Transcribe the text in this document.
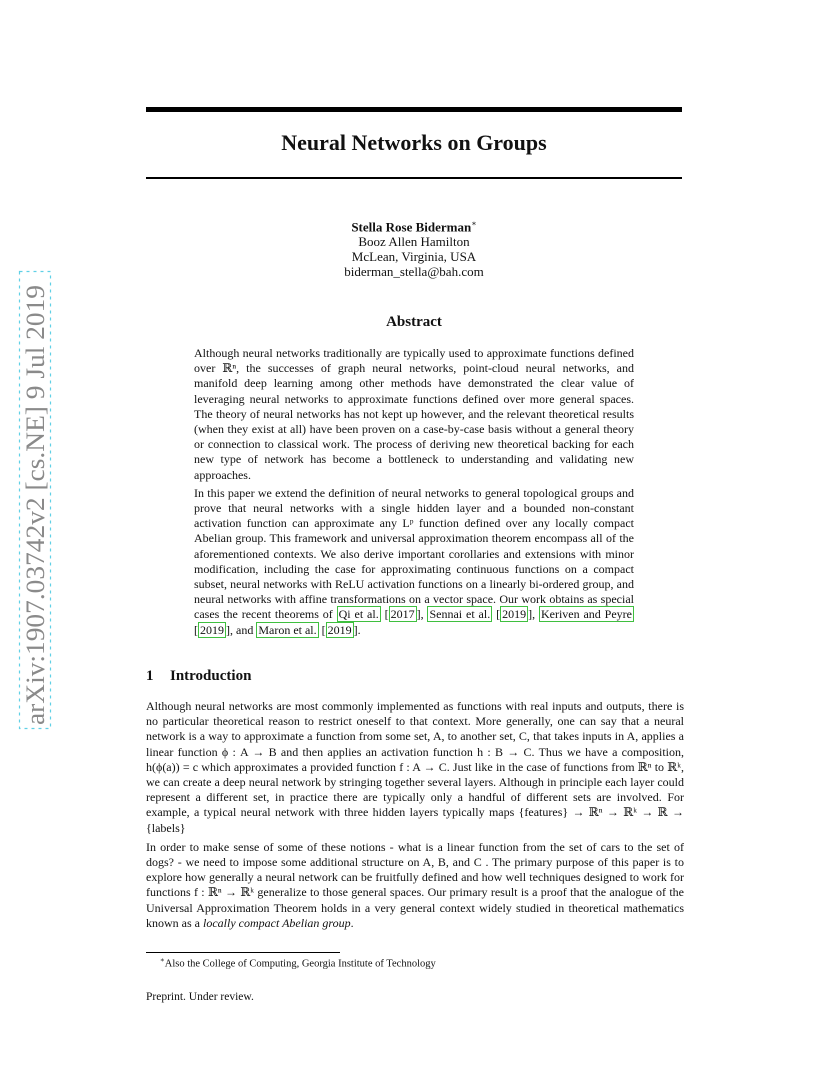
arXiv:1907.03742v2 [cs.NE] 9 Jul 2019
Neural Networks on Groups
Stella Rose Biderman∗
Booz Allen Hamilton
McLean, Virginia, USA
biderman_stella@bah.com
Abstract

Although neural networks traditionally are typically used to approximate functions defined over ℝⁿ, the successes of graph neural networks, point-cloud neural networks, and manifold deep learning among other methods have demonstrated the clear value of leveraging neural networks to approximate functions defined over more general spaces. The theory of neural networks has not kept up however, and the relevant theoretical results (when they exist at all) have been proven on a case-by-case basis without a general theory or connection to classical work. The process of deriving new theoretical backing for each new type of network has become a bottleneck to understanding and validating new approaches.

In this paper we extend the definition of neural networks to general topological groups and prove that neural networks with a single hidden layer and a bounded non-constant activation function can approximate any Lᵖ function defined over any locally compact Abelian group. This framework and universal approximation theorem encompass all of the aforementioned contexts. We also derive important corollaries and extensions with minor modification, including the case for approximating continuous functions on a compact subset, neural networks with ReLU activation functions on a linearly bi-ordered group, and neural networks with affine transformations on a vector space. Our work obtains as special cases the recent theorems of Qi et al. [ 2017 ], Sennai et al. [ 2019 ], Keriven and Peyre [ 2019 ], and Maron et al. [ 2019 ].

1 Introduction

Although neural networks are most commonly implemented as functions with real inputs and outputs, there is no particular theoretical reason to restrict oneself to that context. More generally, one can say that a neural network is a way to approximate a function from some set, A, to another set, C, that takes inputs in A, applies a linear function ϕ : A → B and then applies an activation function h : B → C. Thus we have a composition, h(ϕ(a)) = c which approximates a provided function f : A → C. Just like in the case of functions from ℝⁿ to ℝᵏ, we can create a deep neural network by stringing together several layers. Although in principle each layer could represent a different set, in practice there are typically only a handful of different sets are involved. For example, a typical neural network with three hidden layers typically maps {features} → ℝⁿ → ℝᵏ → ℝ → {labels}

In order to make sense of some of these notions - what is a linear function from the set of cars to the set of dogs? - we need to impose some additional structure on A, B, and C . The primary purpose of this paper is to explore how generally a neural network can be fruitfully defined and how well techniques designed to work for functions f : ℝⁿ → ℝᵏ generalize to those general spaces. Our primary result is a proof that the analogue of the Universal Approximation Theorem holds in a very general context widely studied in theoretical mathematics known as a locally compact Abelian group.

∗Also the College of Computing, Georgia Institute of Technology
Preprint. Under review.
